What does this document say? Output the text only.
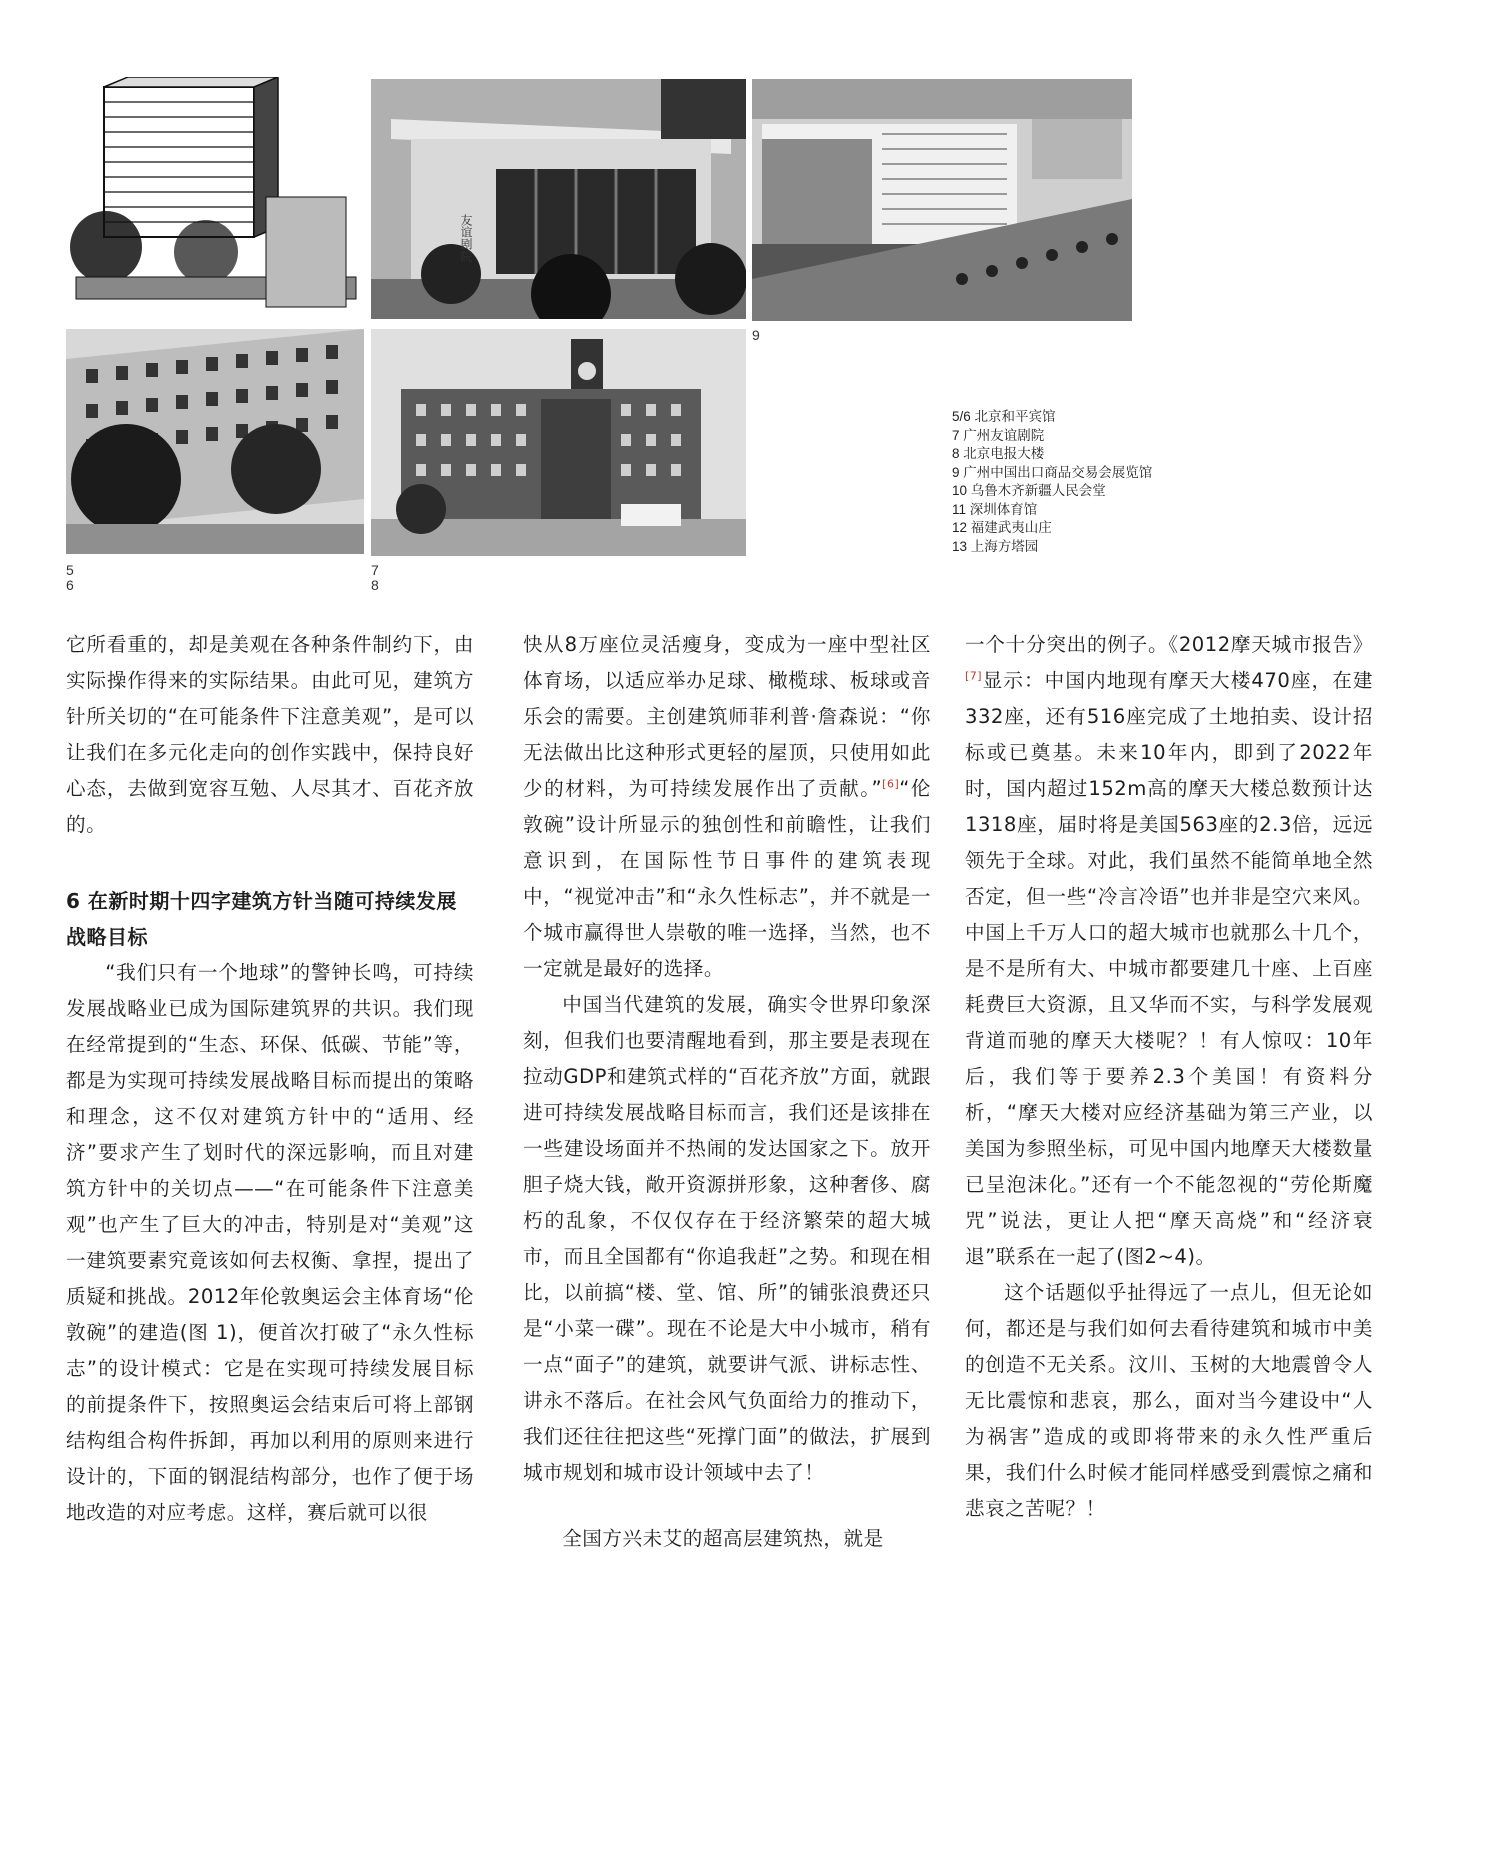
友谊剧院
9
5
6
7
8
5/6 北京和平宾馆
7 广州友谊剧院
8 北京电报大楼
9 广州中国出口商品交易会展览馆
10 乌鲁木齐新疆人民会堂
11 深圳体育馆
12 福建武夷山庄
13 上海方塔园

它所看重的，却是美观在各种条件制约下，由实际操作得来的实际结果。由此可见，建筑方针所关切的“在可能条件下注意美观”，是可以让我们在多元化走向的创作实践中，保持良好心态，去做到宽容互勉、人尽其才、百花齐放的。

6 在新时期十四字建筑方针当随可持续发展战略目标

“我们只有一个地球”的警钟长鸣，可持续发展战略业已成为国际建筑界的共识。我们现在经常提到的“生态、环保、低碳、节能”等，都是为实现可持续发展战略目标而提出的策略和理念，这不仅对建筑方针中的“适用、经济”要求产生了划时代的深远影响，而且对建筑方针中的关切点——“在可能条件下注意美观”也产生了巨大的冲击，特别是对“美观”这一建筑要素究竟该如何去权衡、拿捏，提出了质疑和挑战。2012年伦敦奥运会主体育场“伦敦碗”的建造(图 1)，便首次打破了“永久性标志”的设计模式：它是在实现可持续发展目标的前提条件下，按照奥运会结束后可将上部钢结构组合构件拆卸，再加以利用的原则来进行设计的，下面的钢混结构部分，也作了便于场地改造的对应考虑。这样，赛后就可以很

快从8万座位灵活瘦身，变成为一座中型社区体育场，以适应举办足球、橄榄球、板球或音乐会的需要。主创建筑师菲利普·詹森说：“你无法做出比这种形式更轻的屋顶，只使用如此少的材料，为可持续发展作出了贡献。”[6]“伦敦碗”设计所显示的独创性和前瞻性，让我们意识到，在国际性节日事件的建筑表现中，“视觉冲击”和“永久性标志”，并不就是一个城市赢得世人崇敬的唯一选择，当然，也不一定就是最好的选择。

中国当代建筑的发展，确实令世界印象深刻，但我们也要清醒地看到，那主要是表现在拉动GDP和建筑式样的“百花齐放”方面，就跟进可持续发展战略目标而言，我们还是该排在一些建设场面并不热闹的发达国家之下。放开胆子烧大钱，敞开资源拼形象，这种奢侈、腐朽的乱象，不仅仅存在于经济繁荣的超大城市，而且全国都有“你追我赶”之势。和现在相比，以前搞“楼、堂、馆、所”的铺张浪费还只是“小菜一碟”。现在不论是大中小城市，稍有一点“面子”的建筑，就要讲气派、讲标志性、讲永不落后。在社会风气负面给力的推动下，我们还往往把这些“死撑门面”的做法，扩展到城市规划和城市设计领域中去了！

全国方兴未艾的超高层建筑热，就是

一个十分突出的例子。《2012摩天城市报告》[7]显示：中国内地现有摩天大楼470座，在建332座，还有516座完成了土地拍卖、设计招标或已奠基。未来10年内，即到了2022年时，国内超过152m高的摩天大楼总数预计达1318座，届时将是美国563座的2.3倍，远远领先于全球。对此，我们虽然不能简单地全然否定，但一些“冷言冷语”也并非是空穴来风。中国上千万人口的超大城市也就那么十几个，是不是所有大、中城市都要建几十座、上百座耗费巨大资源，且又华而不实，与科学发展观背道而驰的摩天大楼呢？！有人惊叹：10年后，我们等于要养2.3个美国！有资料分析，“摩天大楼对应经济基础为第三产业，以美国为参照坐标，可见中国内地摩天大楼数量已呈泡沫化。”还有一个不能忽视的“劳伦斯魔咒”说法，更让人把“摩天高烧”和“经济衰退”联系在一起了(图2~4)。

这个话题似乎扯得远了一点儿，但无论如何，都还是与我们如何去看待建筑和城市中美的创造不无关系。汶川、玉树的大地震曾令人无比震惊和悲哀，那么，面对当今建设中“人为祸害”造成的或即将带来的永久性严重后果，我们什么时候才能同样感受到震惊之痛和悲哀之苦呢？！
